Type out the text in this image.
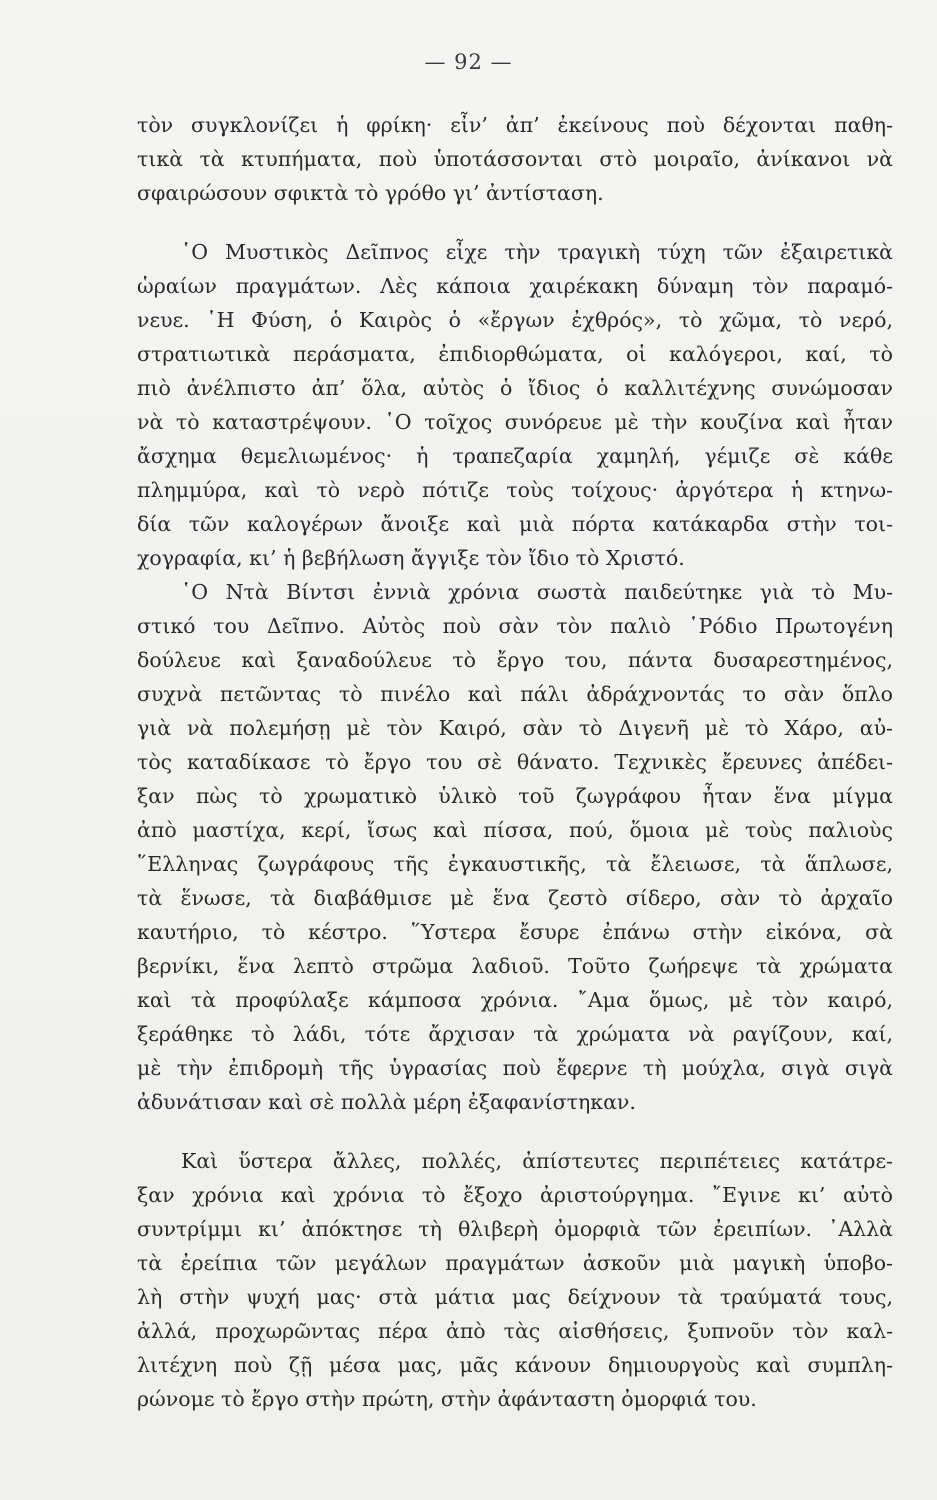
— 92 —
τὸν συγκλονίζει ἡ φρίκη· εἶν’ ἀπ’ ἐκείνους ποὺ δέχονται παθη-
τικὰ τὰ κτυπήματα, ποὺ ὑποτάσσονται στὸ μοιραῖο, ἀνίκανοι νὰ
σφαιρώσουν σφικτὰ τὸ γρόθο γι’ ἀντίσταση.
῾Ο Μυστικὸς Δεῖπνος εἶχε τὴν τραγικὴ τύχη τῶν ἐξαιρετικὰ
ὡραίων πραγμάτων. Λὲς κάποια χαιρέκακη δύναμη τὸν παραμό-
νευε. ῾Η Φύση, ὁ Καιρὸς ὁ «ἔργων ἐχθρός», τὸ χῶμα, τὸ νερό,
στρατιωτικὰ περάσματα, ἐπιδιορθώματα, οἱ καλόγεροι, καί, τὸ
πιὸ ἀνέλπιστο ἀπ’ ὅλα, αὐτὸς ὁ ἴδιος ὁ καλλιτέχνης συνώμοσαν
νὰ τὸ καταστρέψουν. ῾Ο τοῖχος συνόρευε μὲ τὴν κουζίνα καὶ ἦταν
ἄσχημα θεμελιωμένος· ἡ τραπεζαρία χαμηλή, γέμιζε σὲ κάθε
πλημμύρα, καὶ τὸ νερὸ πότιζε τοὺς τοίχους· ἀργότερα ἡ κτηνω-
δία τῶν καλογέρων ἄνοιξε καὶ μιὰ πόρτα κατάκαρδα στὴν τοι-
χογραφία, κι’ ἡ βεβήλωση ἄγγιξε τὸν ἴδιο τὸ Χριστό.
῾Ο Ντὰ Βίντσι ἐννιὰ χρόνια σωστὰ παιδεύτηκε γιὰ τὸ Μυ-
στικό του Δεῖπνο. Αὐτὸς ποὺ σὰν τὸν παλιὸ ῾Ρόδιο Πρωτογένη
δούλευε καὶ ξαναδούλευε τὸ ἔργο του, πάντα δυσαρεστημένος,
συχνὰ πετῶντας τὸ πινέλο καὶ πάλι ἀδράχνοντάς το σὰν ὅπλο
γιὰ νὰ πολεμήσῃ μὲ τὸν Καιρό, σὰν τὸ Διγενῆ μὲ τὸ Χάρο, αὐ-
τὸς καταδίκασε τὸ ἔργο του σὲ θάνατο. Τεχνικὲς ἔρευνες ἀπέδει-
ξαν πὼς τὸ χρωματικὸ ὑλικὸ τοῦ ζωγράφου ἦταν ἕνα μίγμα
ἀπὸ μαστίχα, κερί, ἴσως καὶ πίσσα, πού, ὅμοια μὲ τοὺς παλιοὺς
῞Ελληνας ζωγράφους τῆς ἐγκαυστικῆς, τὰ ἔλειωσε, τὰ ἅπλωσε,
τὰ ἕνωσε, τὰ διαβάθμισε μὲ ἕνα ζεστὸ σίδερο, σὰν τὸ ἀρχαῖο
καυτήριο, τὸ κέστρο. ῞Υστερα ἔσυρε ἐπάνω στὴν εἰκόνα, σὰ
βερνίκι, ἕνα λεπτὸ στρῶμα λαδιοῦ. Τοῦτο ζωήρεψε τὰ χρώματα
καὶ τὰ προφύλαξε κάμποσα χρόνια. ῎Αμα ὅμως, μὲ τὸν καιρό,
ξεράθηκε τὸ λάδι, τότε ἄρχισαν τὰ χρώματα νὰ ραγίζουν, καί,
μὲ τὴν ἐπιδρομὴ τῆς ὑγρασίας ποὺ ἔφερνε τὴ μούχλα, σιγὰ σιγὰ
ἀδυνάτισαν καὶ σὲ πολλὰ μέρη ἐξαφανίστηκαν.
Καὶ ὕστερα ἄλλες, πολλές, ἀπίστευτες περιπέτειες κατάτρε-
ξαν χρόνια καὶ χρόνια τὸ ἔξοχο ἀριστούργημα. ῎Εγινε κι’ αὐτὸ
συντρίμμι κι’ ἀπόκτησε τὴ θλιβερὴ ὀμορφιὰ τῶν ἐρειπίων. ᾿Αλλὰ
τὰ ἐρείπια τῶν μεγάλων πραγμάτων ἀσκοῦν μιὰ μαγικὴ ὑποβο-
λὴ στὴν ψυχή μας· στὰ μάτια μας δείχνουν τὰ τραύματά τους,
ἀλλά, προχωρῶντας πέρα ἀπὸ τὰς αἰσθήσεις, ξυπνοῦν τὸν καλ-
λιτέχνη ποὺ ζῇ μέσα μας, μᾶς κάνουν δημιουργοὺς καὶ συμπλη-
ρώνομε τὸ ἔργο στὴν πρώτη, στὴν ἀφάνταστη ὀμορφιά του.
